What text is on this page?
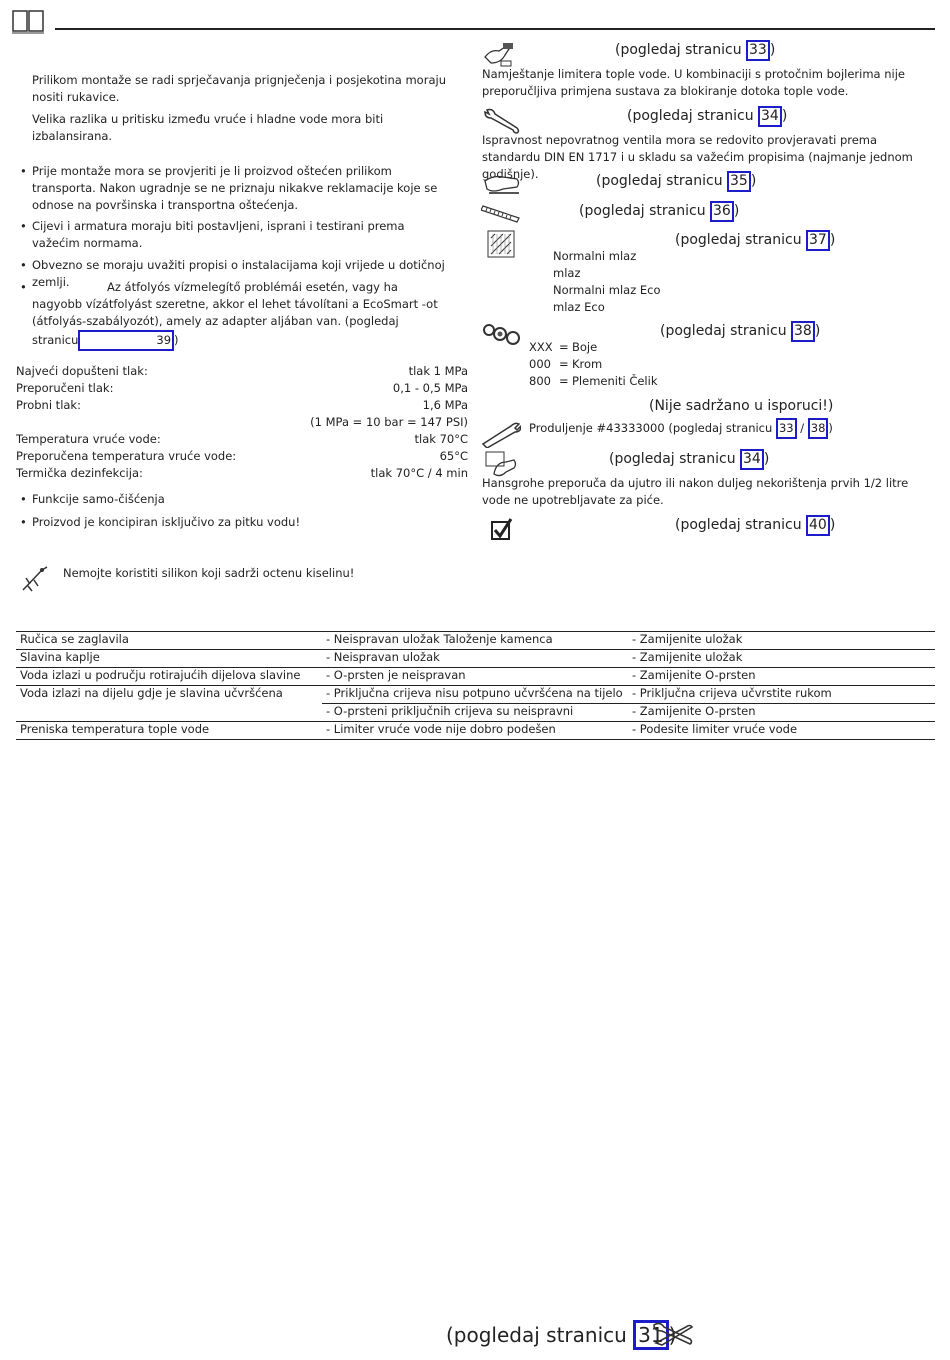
Prilikom montaže se radi sprječavanja prignječenja i posjekotina moraju nositi rukavice.
Velika razlika u pritisku između vruće i hladne vode mora biti izbalansirana.
• Prije montaže mora se provjeriti je li proizvod oštećen prilikom transporta. Nakon ugradnje se ne priznaju nikakve reklamacije koje se odnose na površinska i transportna oštećenja.
• Cijevi i armatura moraju biti postavljeni, isprani i testirani prema važećim normama.
• Obvezno se moraju uvažiti propisi o instalacijama koji vrijede u dotičnoj zemlji.
•	Az átfolyós vízmelegítő problémái esetén, vagy ha nagyobb vízátfolyást szeretne, akkor el lehet távolítani a EcoSmart -ot (átfolyás-szabályozót), amely az adapter aljában van. (pogledaj stranicu	39 )
Najveći dopušteni tlak:	tlak 1 MPa
Preporučeni tlak:	0,1 - 0,5 MPa
Probni tlak:	1,6 MPa
(1 MPa = 10 bar = 147 PSI)
Temperatura vruće vode:	tlak 70°C
Preporučena temperatura vruće vode:	65°C
Termička dezinfekcija:	tlak 70°C / 4 min
• Funkcije samo-čišćenja
• Proizvod je koncipiran isključivo za pitku vodu!
Nemojte koristiti silikon koji sadrži octenu kiselinu!
(pogledaj stranicu 33 )
Namještanje limitera tople vode. U kombinaciji s protočnim bojlerima nije preporučljiva primjena sustava za blokiranje dotoka tople vode.
(pogledaj stranicu 34 )
Ispravnost nepovratnog ventila mora se redovito provjeravati prema standardu DIN EN 1717 i u skladu sa važećim propisima (najmanje jednom godišnje).	(pogledaj stranicu 35 )
(pogledaj stranicu 36 )
(pogledaj stranicu 37 )
Normalni mlaz
mlaz
Normalni mlaz Eco
mlaz Eco
(pogledaj stranicu 38 )
XXX = Boje
000 = Krom
800 = Plemeniti Čelik
(Nije sadržano u isporuci!)
Produljenje #43333000 (pogledaj stranicu 33 / 38 )
(pogledaj stranicu 34 )
Hansgrohe preporuča da ujutro ili nakon duljeg nekorištenja prvih 1/2 litre vode ne upotrebljavate za piće.
(pogledaj stranicu 40 )
Ručica se zaglavila	- Neispravan uložak Taloženje kamenca	- Zamijenite uložak
Slavina kaplje	- Neispravan uložak	- Zamijenite uložak
Voda izlazi u području rotirajućih dijelova slavine	- O-prsten je neispravan	- Zamijenite O-prsten
Voda izlazi na dijelu gdje je slavina učvršćena	- Priključna crijeva nisu potpuno učvršćena na tijelo	- Priključna crijeva učvrstite rukom
	- O-prsteni priključnih crijeva su neispravni	- Zamijenite O-prsten
Preniska temperatura tople vode	- Limiter vruće vode nije dobro podešen	- Podesite limiter vruće vode
(pogledaj stranicu 31 )
